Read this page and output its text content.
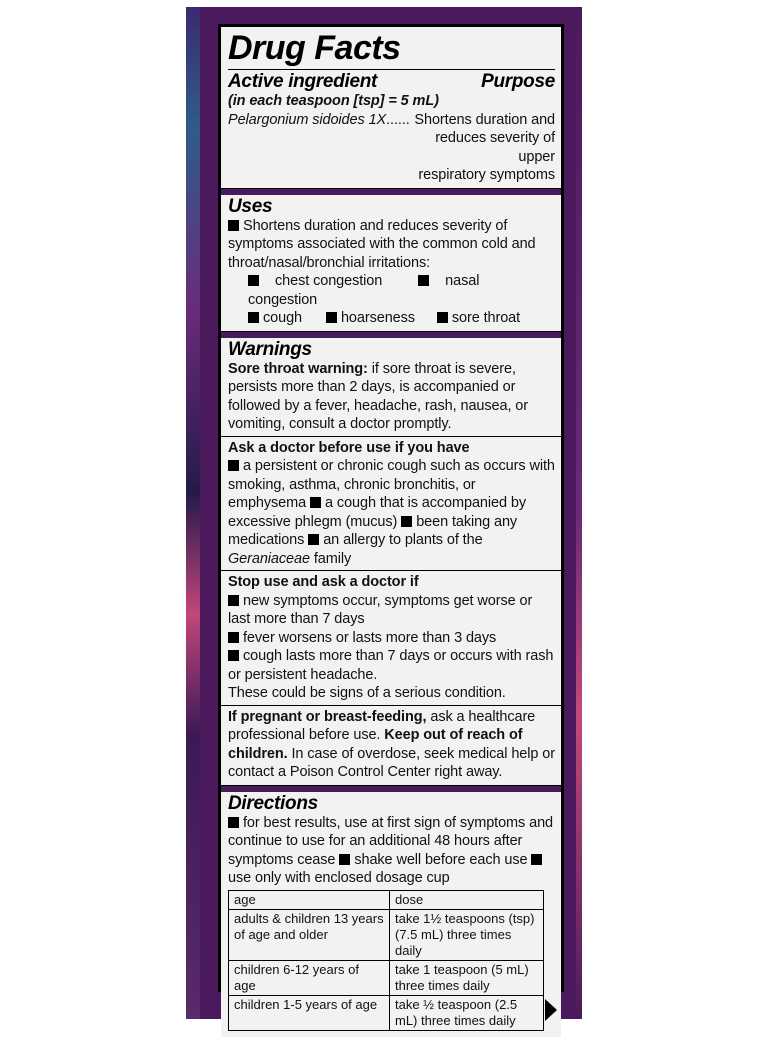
Drug Facts
Active ingredient	Purpose
(in each teaspoon [tsp] = 5 mL)
Pelargonium sidoides 1X...... Shortens duration and
reduces severity of upper
respiratory symptoms
Uses
Shortens duration and reduces severity of symptoms associated with the common cold and throat/nasal/bronchial irritations:
chest congestion	nasal congestion
cough	hoarseness	sore throat
Warnings
Sore throat warning: if sore throat is severe, persists more than 2 days, is accompanied or followed by a fever, headache, rash, nausea, or vomiting, consult a doctor promptly.
Ask a doctor before use if you have
a persistent or chronic cough such as occurs with smoking, asthma, chronic bronchitis, or emphysema a cough that is accompanied by excessive phlegm (mucus) been taking any medications an allergy to plants of the Geraniaceae family
Stop use and ask a doctor if
new symptoms occur, symptoms get worse or last more than 7 days
fever worsens or lasts more than 3 days
cough lasts more than 7 days or occurs with rash or persistent headache.
These could be signs of a serious condition.
If pregnant or breast-feeding, ask a healthcare professional before use. Keep out of reach of children. In case of overdose, seek medical help or contact a Poison Control Center right away.
Directions
for best results, use at first sign of symptoms and continue to use for an additional 48 hours after symptoms cease shake well before each use use only with enclosed dosage cup
age	dose
adults & children 13 years of age and older	take 1½ teaspoons (tsp) (7.5 mL) three times daily
children 6-12 years of age	take 1 teaspoon (5 mL) three times daily
children 1-5 years of age	take ½ teaspoon (2.5 mL) three times daily
